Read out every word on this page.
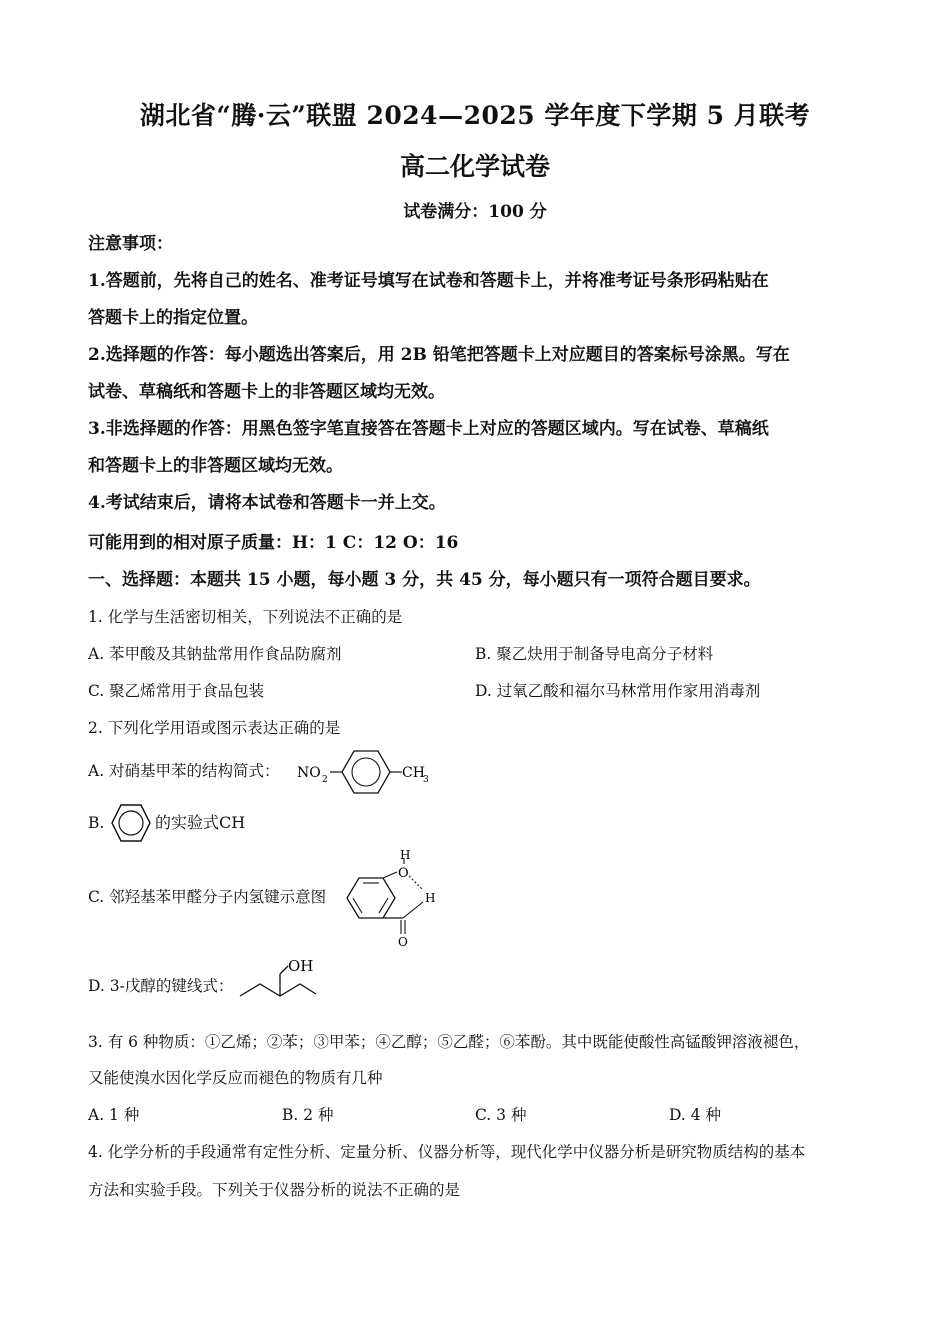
湖北省“腾·云”联盟 2024—2025 学年度下学期 5 月联考
高二化学试卷
试卷满分：100 分
注意事项：
1.答题前，先将自己的姓名、准考证号填写在试卷和答题卡上，并将准考证号条形码粘贴在
答题卡上的指定位置。
2.选择题的作答：每小题选出答案后，用 2B 铅笔把答题卡上对应题目的答案标号涂黑。写在
试卷、草稿纸和答题卡上的非答题区域均无效。
3.非选择题的作答：用黑色签字笔直接答在答题卡上对应的答题区域内。写在试卷、草稿纸
和答题卡上的非答题区域均无效。
4.考试结束后，请将本试卷和答题卡一并上交。
可能用到的相对原子质量：H：1 C：12 O：16
一、选择题：本题共 15 小题，每小题 3 分，共 45 分，每小题只有一项符合题目要求。
1. 化学与生活密切相关，下列说法不正确的是
A. 苯甲酸及其钠盐常用作食品防腐剂	B. 聚乙炔用于制备导电高分子材料
C. 聚乙烯常用于食品包装	D. 过氧乙酸和福尔马林常用作家用消毒剂
2. 下列化学用语或图示表达正确的是
A. 对硝基甲苯的结构简式： NO 2	CH
3
B.	的实验式CH
C. 邻羟基苯甲醛分子内氢键示意图
O
H
H
O
D. 3-戊醇的键线式：
OH
3. 有 6 种物质：①乙烯；②苯；③甲苯；④乙醇；⑤乙醛；⑥苯酚。其中既能使酸性高锰酸钾溶液褪色，
又能使溴水因化学反应而褪色的物质有几种
A. 1 种	B. 2 种	C. 3 种	D. 4 种
4. 化学分析的手段通常有定性分析、定量分析、仪器分析等，现代化学中仪器分析是研究物质结构的基本
方法和实验手段。下列关于仪器分析的说法不正确的是
